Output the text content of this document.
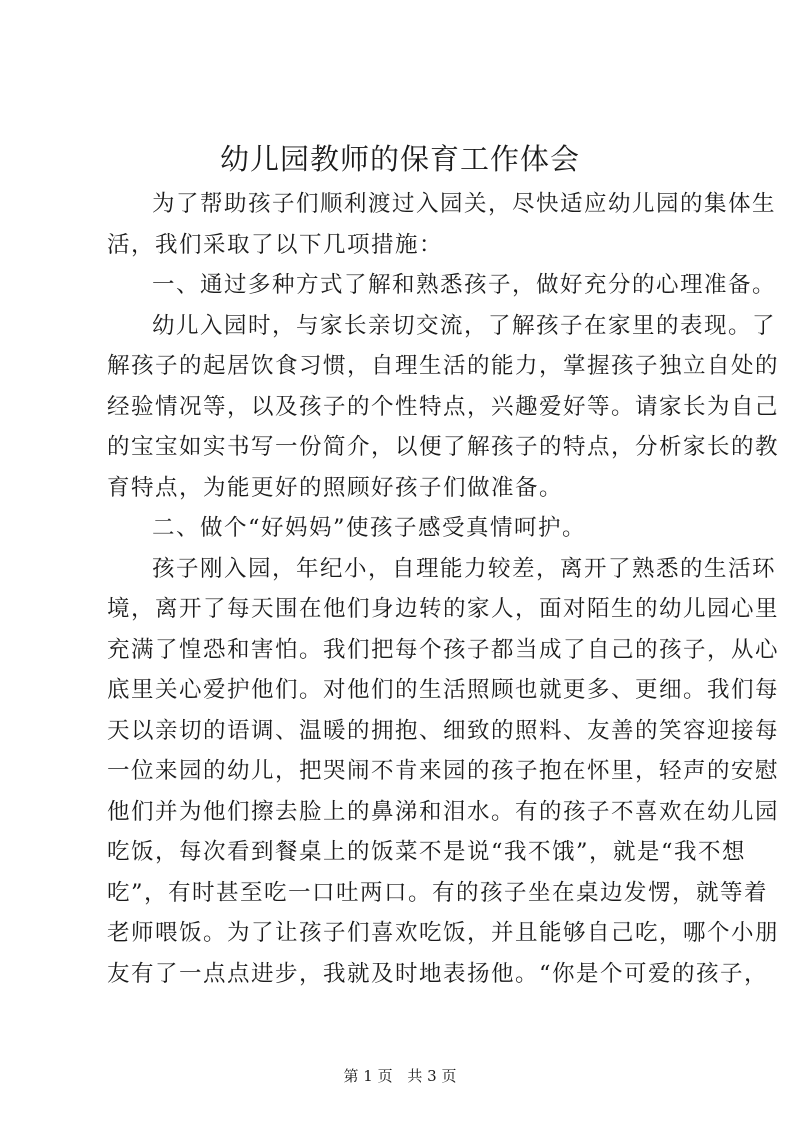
幼儿园教师的保育工作体会
为了帮助孩子们顺利渡过入园关，尽快适应幼儿园的集体生
活，我们采取了以下几项措施：
一、通过多种方式了解和熟悉孩子，做好充分的心理准备。
幼儿入园时，与家长亲切交流，了解孩子在家里的表现。了
解孩子的起居饮食习惯，自理生活的能力，掌握孩子独立自处的
经验情况等，以及孩子的个性特点，兴趣爱好等。请家长为自己
的宝宝如实书写一份简介，以便了解孩子的特点，分析家长的教
育特点，为能更好的照顾好孩子们做准备。
二、做个“好妈妈”使孩子感受真情呵护。
孩子刚入园，年纪小，自理能力较差，离开了熟悉的生活环
境，离开了每天围在他们身边转的家人，面对陌生的幼儿园心里
充满了惶恐和害怕。我们把每个孩子都当成了自己的孩子，从心
底里关心爱护他们。对他们的生活照顾也就更多、更细。我们每
天以亲切的语调、温暖的拥抱、细致的照料、友善的笑容迎接每
一位来园的幼儿，把哭闹不肯来园的孩子抱在怀里，轻声的安慰
他们并为他们擦去脸上的鼻涕和泪水。有的孩子不喜欢在幼儿园
吃饭，每次看到餐桌上的饭菜不是说“我不饿”，就是“我不想
吃”，有时甚至吃一口吐两口。有的孩子坐在桌边发愣，就等着
老师喂饭。为了让孩子们喜欢吃饭，并且能够自己吃，哪个小朋
友有了一点点进步，我就及时地表扬他。“你是个可爱的孩子，
第 1 页 共 3 页
